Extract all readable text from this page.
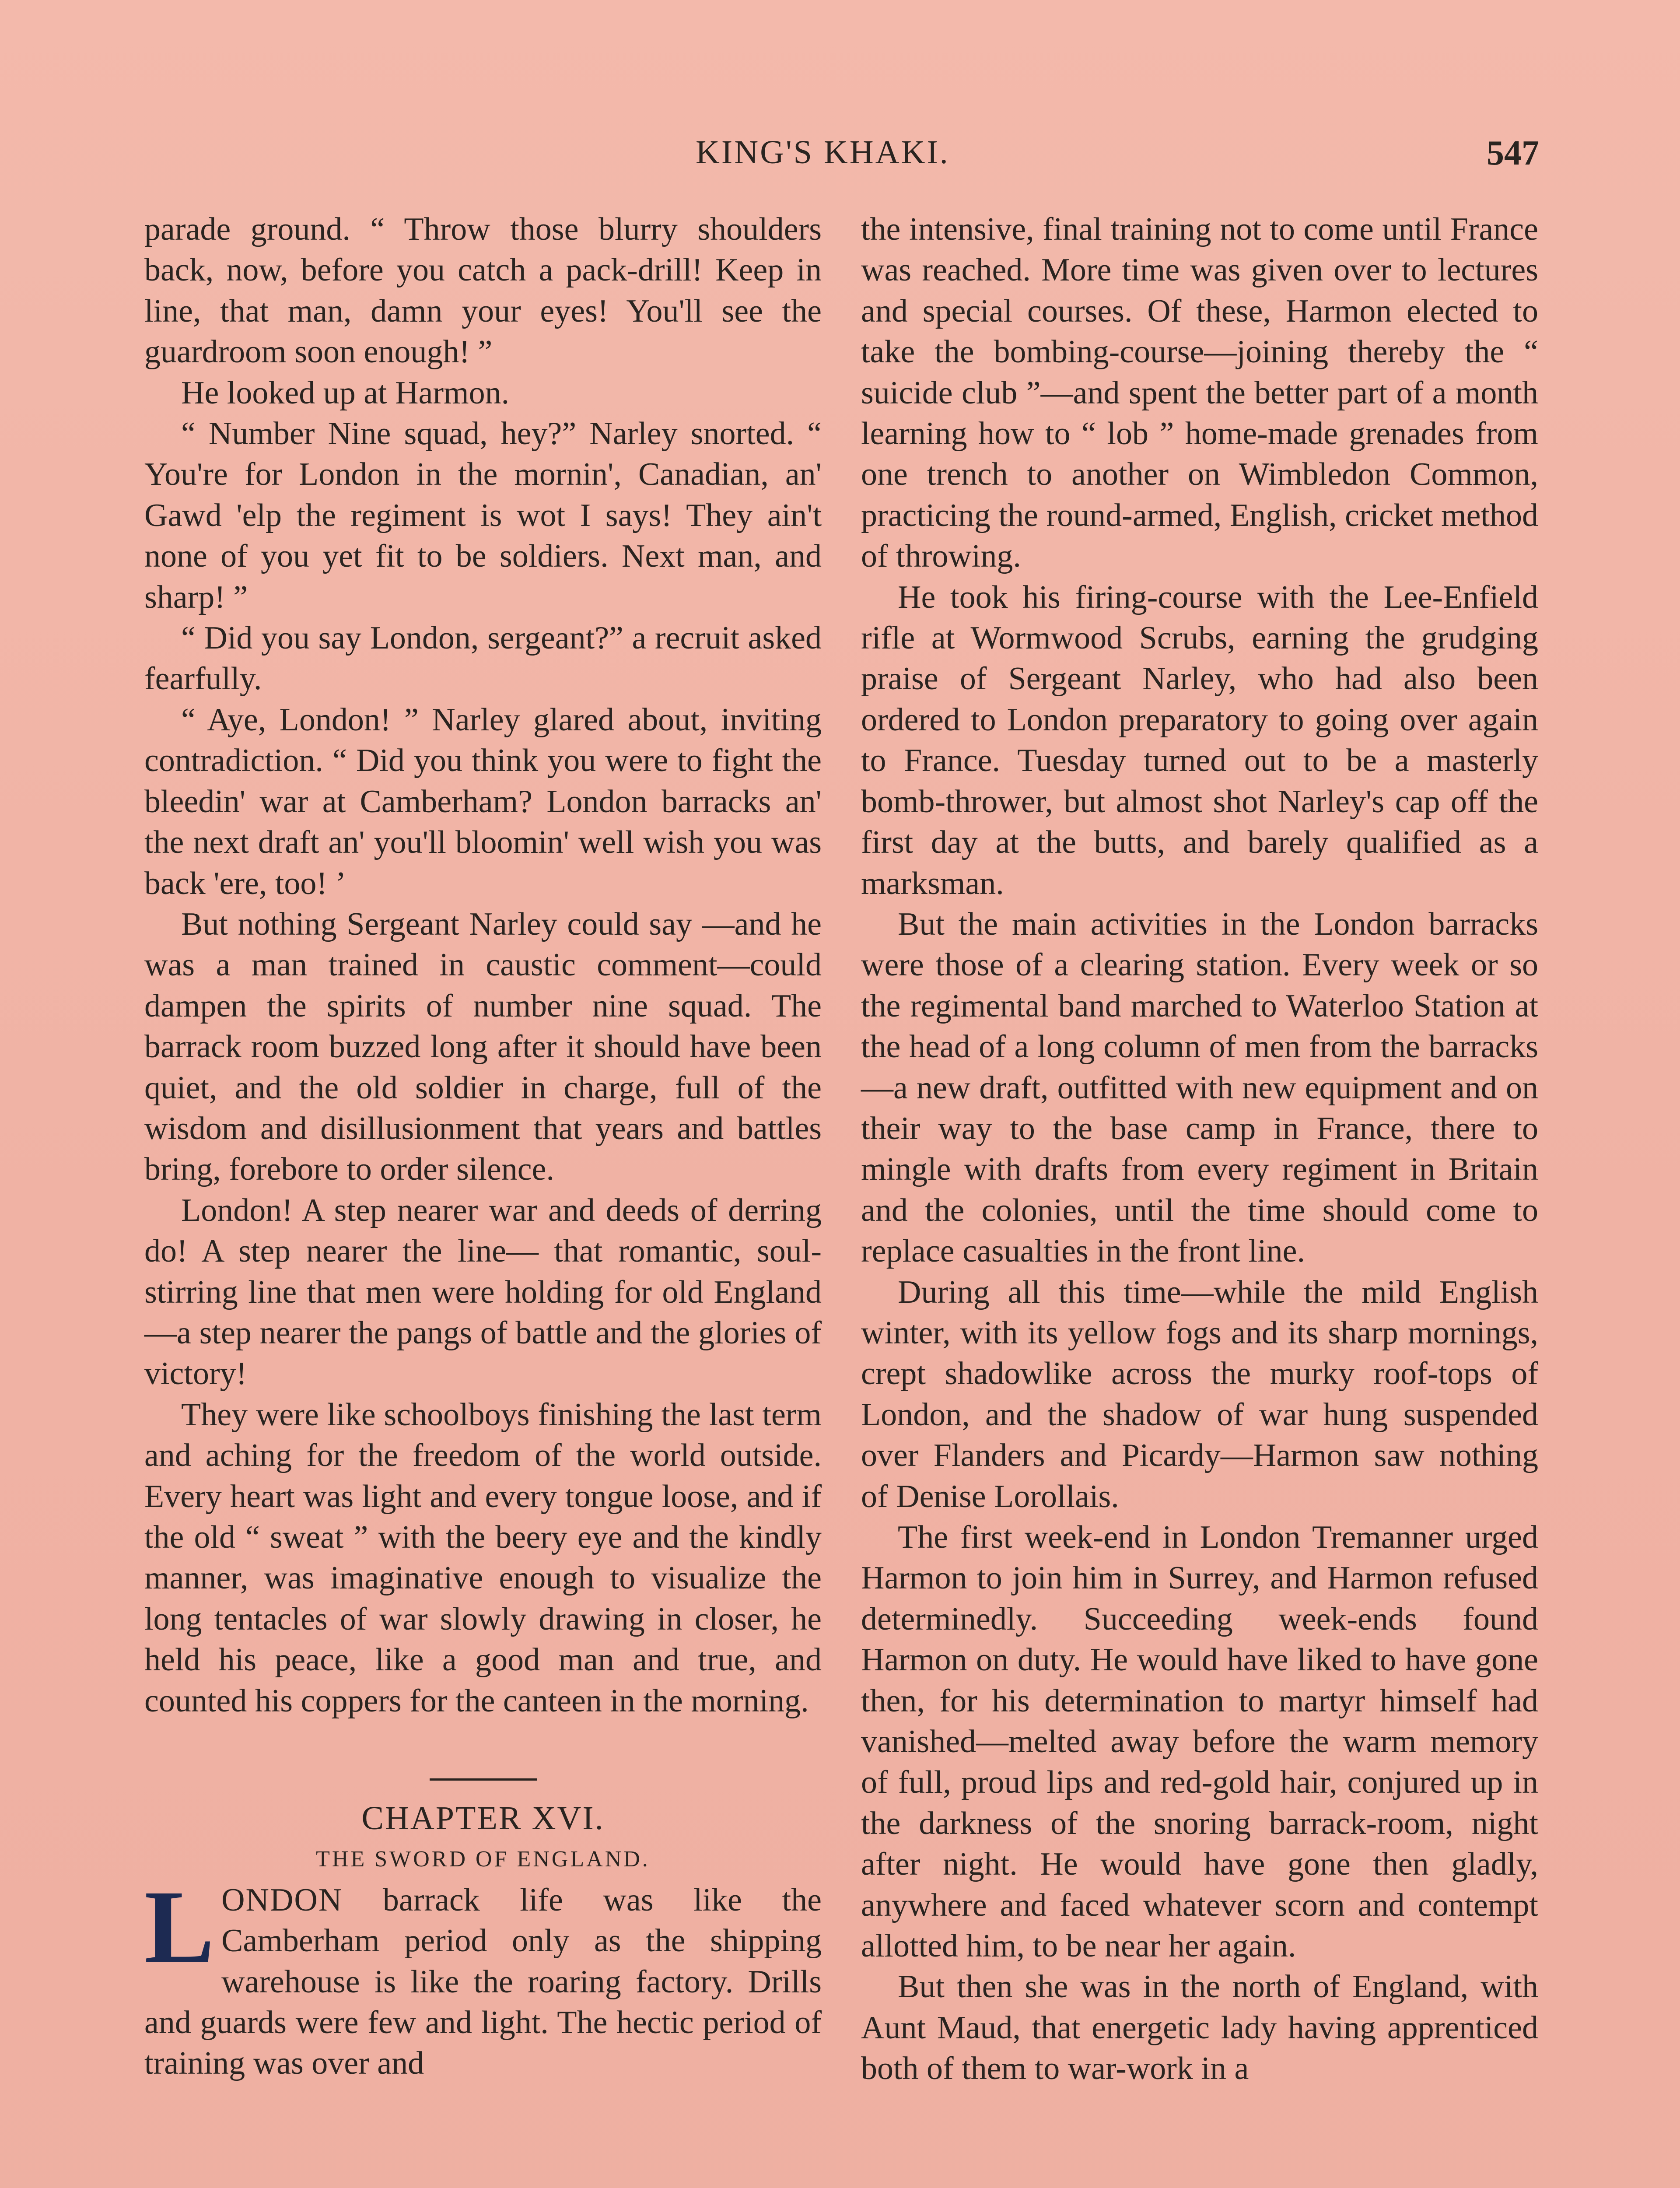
KING'S KHAKI.	547

parade ground. “ Throw those blurry shoulders back, now, before you catch a pack-drill! Keep in line, that man, damn your eyes! You'll see the guardroom soon enough! ”

He looked up at Harmon.

“ Number Nine squad, hey?” Narley snorted. “ You're for London in the mornin', Canadian, an' Gawd 'elp the regiment is wot I says! They ain't none of you yet fit to be soldiers. Next man, and sharp! ”

“ Did you say London, sergeant?” a recruit asked fearfully.

“ Aye, London! ” Narley glared about, inviting contradiction. “ Did you think you were to fight the bleedin' war at Camberham? London barracks an' the next draft an' you'll bloomin' well wish you was back 'ere, too! ’

But nothing Sergeant Narley could say —and he was a man trained in caustic comment—could dampen the spirits of number nine squad. The barrack room buzzed long after it should have been quiet, and the old soldier in charge, full of the wisdom and disillusionment that years and battles bring, forebore to order silence.

London! A step nearer war and deeds of derring do! A step nearer the line— that romantic, soul-stirring line that men were holding for old England—a step nearer the pangs of battle and the glories of victory!

They were like schoolboys finishing the last term and aching for the freedom of the world outside. Every heart was light and every tongue loose, and if the old “ sweat ” with the beery eye and the kindly manner, was imaginative enough to visualize the long tentacles of war slowly drawing in closer, he held his peace, like a good man and true, and counted his coppers for the canteen in the morning.

CHAPTER XVI.

THE SWORD OF ENGLAND.

LONDON barrack life was like the Camberham period only as the shipping warehouse is like the roaring factory. Drills and guards were few and light. The hectic period of training was over and

the intensive, final training not to come until France was reached. More time was given over to lectures and special courses. Of these, Harmon elected to take the bombing-course—joining thereby the “ suicide club ”—and spent the better part of a month learning how to “ lob ” home-made grenades from one trench to another on Wimbledon Common, practicing the round-armed, English, cricket method of throwing.

He took his firing-course with the Lee-Enfield rifle at Wormwood Scrubs, earning the grudging praise of Sergeant Narley, who had also been ordered to London preparatory to going over again to France. Tuesday turned out to be a masterly bomb-thrower, but almost shot Narley's cap off the first day at the butts, and barely qualified as a marksman.

But the main activities in the London barracks were those of a clearing station. Every week or so the regimental band marched to Waterloo Station at the head of a long column of men from the barracks —a new draft, outfitted with new equipment and on their way to the base camp in France, there to mingle with drafts from every regiment in Britain and the colonies, until the time should come to replace casualties in the front line.

During all this time—while the mild English winter, with its yellow fogs and its sharp mornings, crept shadowlike across the murky roof-tops of London, and the shadow of war hung suspended over Flanders and Picardy—Harmon saw nothing of Denise Lorollais.

The first week-end in London Tremanner urged Harmon to join him in Surrey, and Harmon refused determinedly. Succeeding week-ends found Harmon on duty. He would have liked to have gone then, for his determination to martyr himself had vanished—melted away before the warm memory of full, proud lips and red-gold hair, conjured up in the darkness of the snoring barrack-room, night after night. He would have gone then gladly, anywhere and faced whatever scorn and contempt allotted him, to be near her again.

But then she was in the north of England, with Aunt Maud, that energetic lady having apprenticed both of them to war-work in a
